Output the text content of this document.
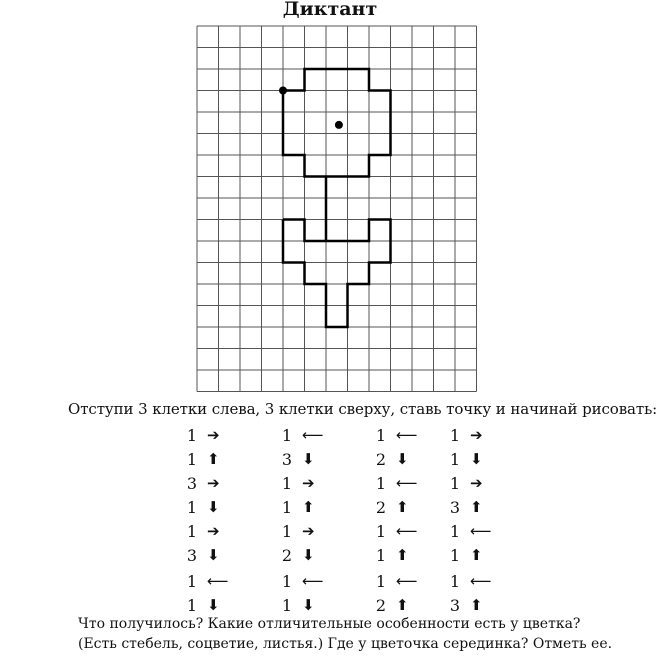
Диктант
Отступи 3 клетки слева, 3 клетки сверху, ставь точку и начинай рисовать:
1 ➔
1 ⬆
3 ➔
1 ⬇
1 ➔
3 ⬇
1 ⟵
1 ⬇
1 ⟵
3 ⬇
1 ➔
1 ⬆
1 ➔
2 ⬇
1 ⟵
1 ⬇
1 ⟵
2 ⬇
1 ⟵
2 ⬆
1 ⟵
1 ⬆
1 ⟵
2 ⬆
1 ➔
1 ⬇
1 ➔
3 ⬆
1 ⟵
1 ⬆
1 ⟵
3 ⬆
Что получилось? Какие отличительные особенности есть у цветка?
(Есть стебель, соцветие, листья.) Где у цветочка серединка? Отметь ее.
